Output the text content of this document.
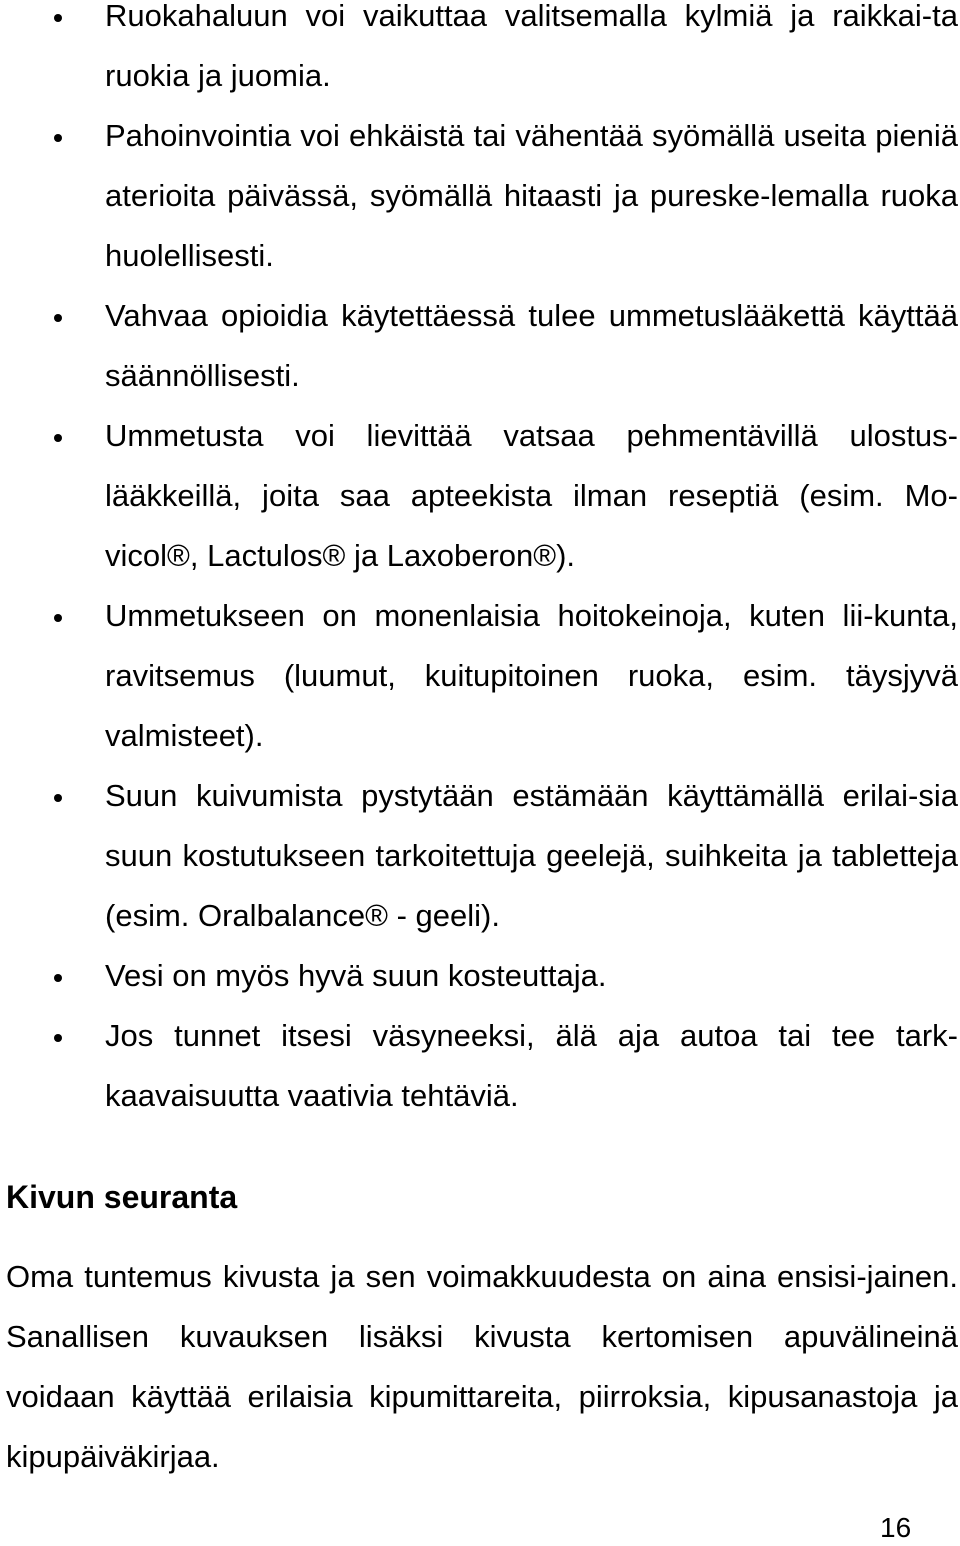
Ruokahaluun voi vaikuttaa valitsemalla kylmiä ja raikkai-ta ruokia ja juomia.
Pahoinvointia voi ehkäistä tai vähentää syömällä useita pieniä aterioita päivässä, syömällä hitaasti ja pureske-lemalla ruoka huolellisesti.
Vahvaa opioidia käytettäessä tulee ummetuslääkettä käyttää säännöllisesti.
Ummetusta voi lievittää vatsaa pehmentävillä ulostus-lääkkeillä, joita saa apteekista ilman reseptiä (esim. Mo-vicol®, Lactulos® ja Laxoberon®).
Ummetukseen on monenlaisia hoitokeinoja, kuten lii-kunta, ravitsemus (luumut, kuitupitoinen ruoka, esim. täysjyvä valmisteet).
Suun kuivumista pystytään estämään käyttämällä erilai-sia suun kostutukseen tarkoitettuja geelejä, suihkeita ja tabletteja (esim. Oralbalance® - geeli).
Vesi on myös hyvä suun kosteuttaja.
Jos tunnet itsesi väsyneeksi, älä aja autoa tai tee tark-kaavaisuutta vaativia tehtäviä.
Kivun seuranta

Oma tuntemus kivusta ja sen voimakkuudesta on aina ensisi-jainen. Sanallisen kuvauksen lisäksi kivusta kertomisen apuvälineinä voidaan käyttää erilaisia kipumittareita, piirroksia, kipusanastoja ja kipupäiväkirjaa.

16
